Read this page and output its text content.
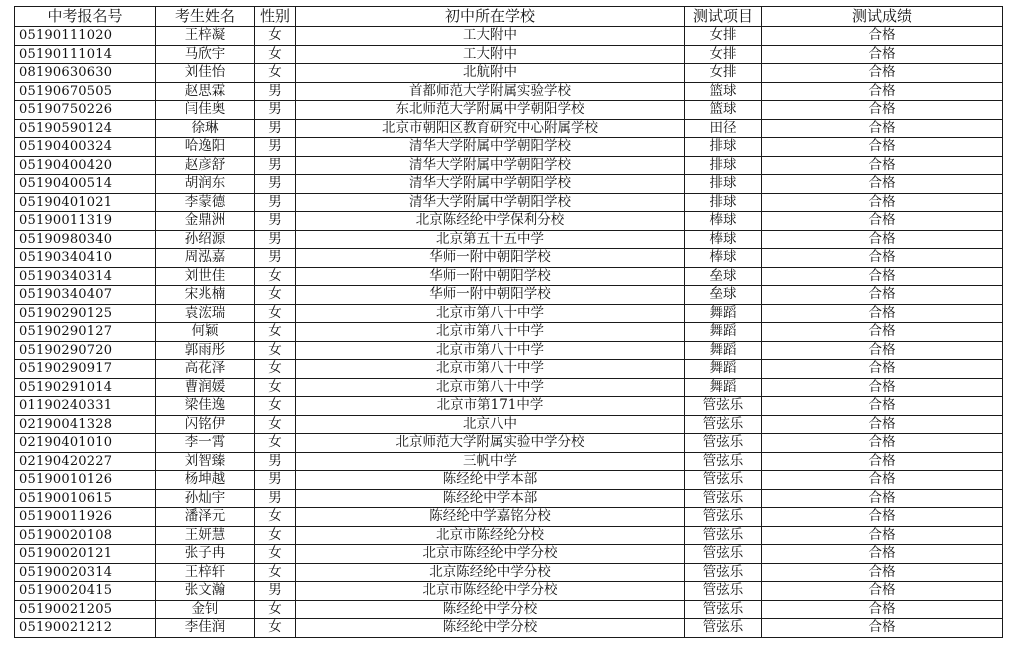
中考报名号	考生姓名	性别	初中所在学校	测试项目	测试成绩
05190111020	王梓凝	女	工大附中	女排	合格
05190111014	马欣宇	女	工大附中	女排	合格
08190630630	刘佳怡	女	北航附中	女排	合格
05190670505	赵思霖	男	首都师范大学附属实验学校	篮球	合格
05190750226	闫佳奥	男	东北师范大学附属中学朝阳学校	篮球	合格
05190590124	徐琳	男	北京市朝阳区教育研究中心附属学校	田径	合格
05190400324	哈逸阳	男	清华大学附属中学朝阳学校	排球	合格
05190400420	赵彦舒	男	清华大学附属中学朝阳学校	排球	合格
05190400514	胡润东	男	清华大学附属中学朝阳学校	排球	合格
05190401021	李蒙德	男	清华大学附属中学朝阳学校	排球	合格
05190011319	金鼎洲	男	北京陈经纶中学保利分校	棒球	合格
05190980340	孙绍源	男	北京第五十五中学	棒球	合格
05190340410	周泓嘉	男	华师一附中朝阳学校	棒球	合格
05190340314	刘世佳	女	华师一附中朝阳学校	垒球	合格
05190340407	宋兆楠	女	华师一附中朝阳学校	垒球	合格
05190290125	袁浤瑞	女	北京市第八十中学	舞蹈	合格
05190290127	何颖	女	北京市第八十中学	舞蹈	合格
05190290720	郭雨彤	女	北京市第八十中学	舞蹈	合格
05190290917	高花泽	女	北京市第八十中学	舞蹈	合格
05190291014	曹润媛	女	北京市第八十中学	舞蹈	合格
01190240331	梁佳逸	女	北京市第171中学	管弦乐	合格
02190041328	闪铭伊	女	北京八中	管弦乐	合格
02190401010	李一霄	女	北京师范大学附属实验中学分校	管弦乐	合格
02190420227	刘智臻	男	三帆中学	管弦乐	合格
05190010126	杨坤越	男	陈经纶中学本部	管弦乐	合格
05190010615	孙灿宇	男	陈经纶中学本部	管弦乐	合格
05190011926	潘泽元	女	陈经纶中学嘉铭分校	管弦乐	合格
05190020108	王妍慧	女	北京市陈经纶分校	管弦乐	合格
05190020121	张子冉	女	北京市陈经纶中学分校	管弦乐	合格
05190020314	王梓轩	女	北京陈经纶中学分校	管弦乐	合格
05190020415	张文瀚	男	北京市陈经纶中学分校	管弦乐	合格
05190021205	金钊	女	陈经纶中学分校	管弦乐	合格
05190021212	李佳润	女	陈经纶中学分校	管弦乐	合格
